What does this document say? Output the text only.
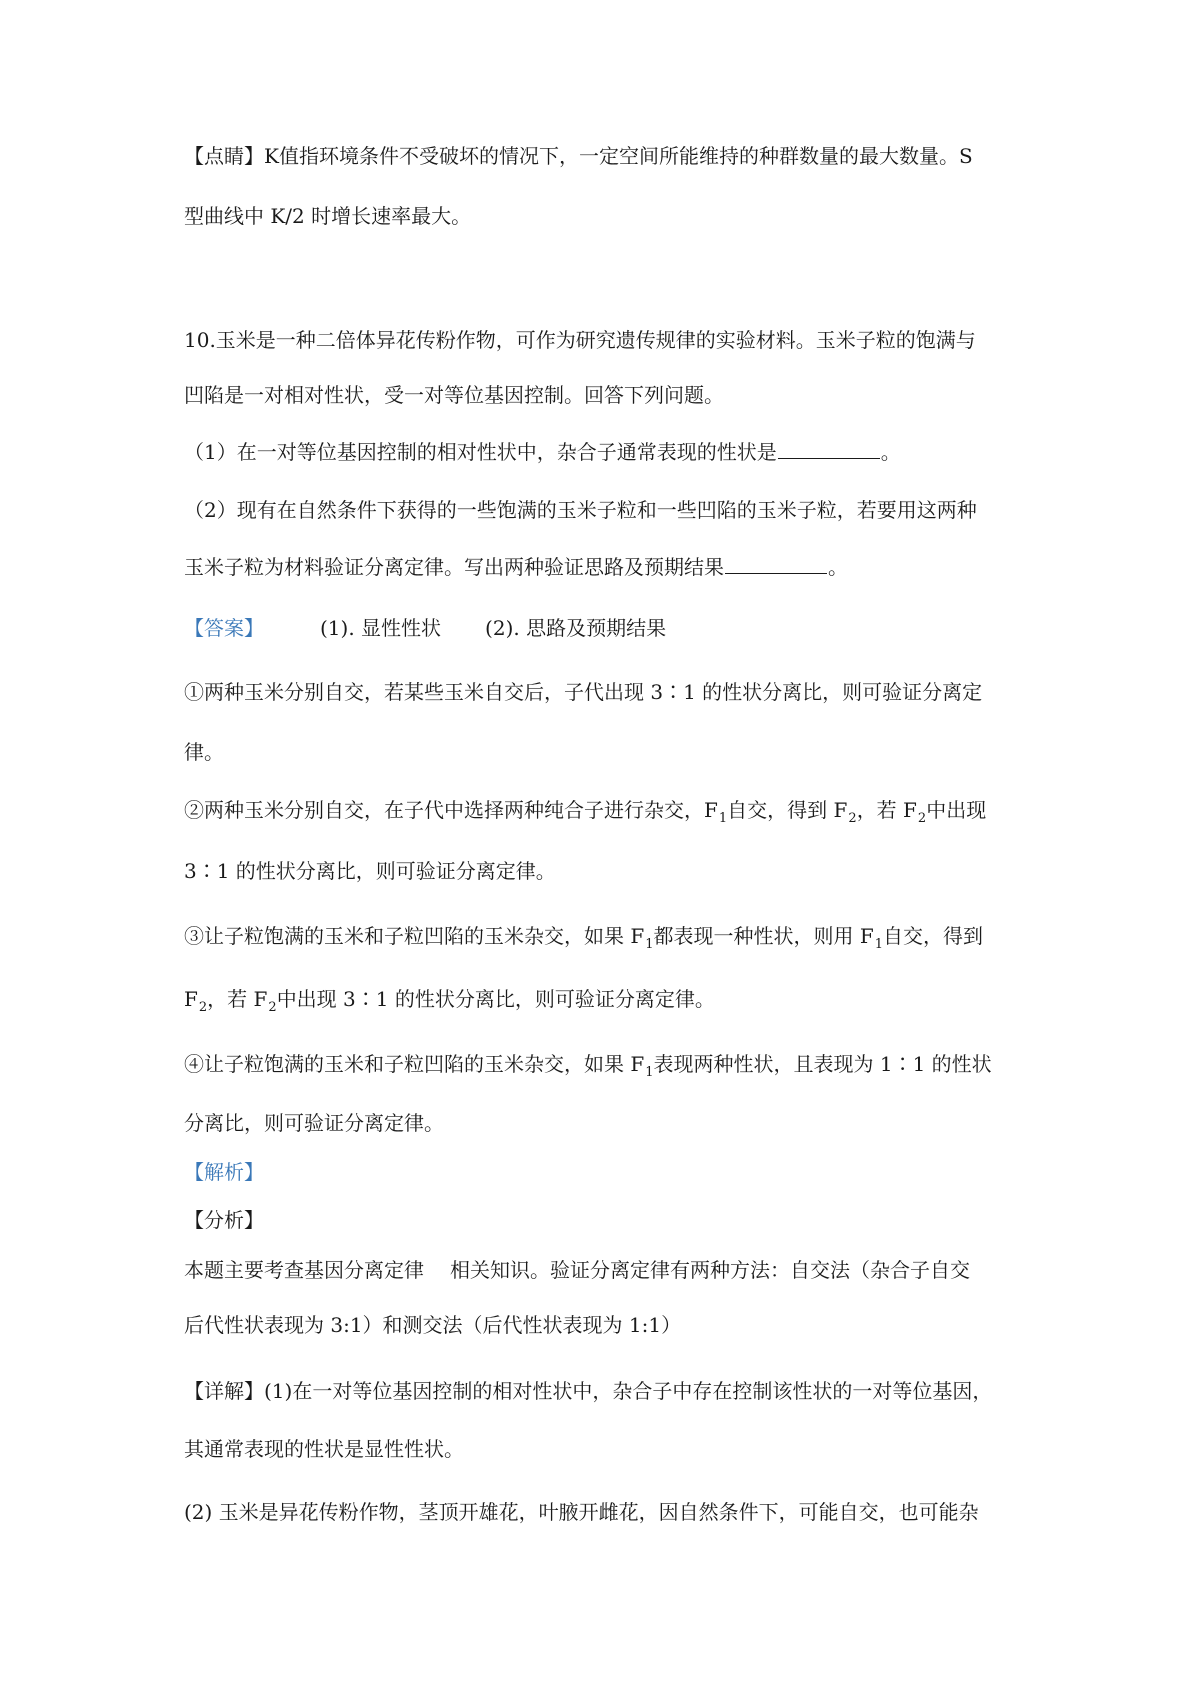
【点睛】K值指环境条件不受破坏的情况下，一定空间所能维持的种群数量的最大数量。S
型曲线中 K/2 时增长速率最大。
10.玉米是一种二倍体异花传粉作物，可作为研究遗传规律的实验材料。玉米子粒的饱满与
凹陷是一对相对性状，受一对等位基因控制。回答下列问题。
（1）在一对等位基因控制的相对性状中，杂合子通常表现的性状是	。
（2）现有在自然条件下获得的一些饱满的玉米子粒和一些凹陷的玉米子粒，若要用这两种
玉米子粒为材料验证分离定律。写出两种验证思路及预期结果	。
【答案】	(1). 显性性状 (2). 思路及预期结果
①两种玉米分别自交，若某些玉米自交后，子代出现 3∶1 的性状分离比，则可验证分离定
律。
②两种玉米分别自交，在子代中选择两种纯合子进行杂交，$F_1$自交，得到 $F_2$，若 $F_2$中出现
3∶1 的性状分离比，则可验证分离定律。
③让子粒饱满的玉米和子粒凹陷的玉米杂交，如果 $F_1$都表现一种性状，则用 $F_1$自交，得到
$F_2$，若 $F_2$中出现 3∶1 的性状分离比，则可验证分离定律。
④让子粒饱满的玉米和子粒凹陷的玉米杂交，如果 $F_1$表现两种性状，且表现为 1∶1 的性状
分离比，则可验证分离定律。
【解析】
【分析】
本题主要考查基因分离定律 相关知识。验证分离定律有两种方法：自交法（杂合子自交
后代性状表现为 3:1）和测交法（后代性状表现为 1:1）
【详解】(1)在一对等位基因控制的相对性状中，杂合子中存在控制该性状的一对等位基因，
其通常表现的性状是显性性状。
(2) 玉米是异花传粉作物，茎顶开雄花，叶腋开雌花，因自然条件下，可能自交，也可能杂
